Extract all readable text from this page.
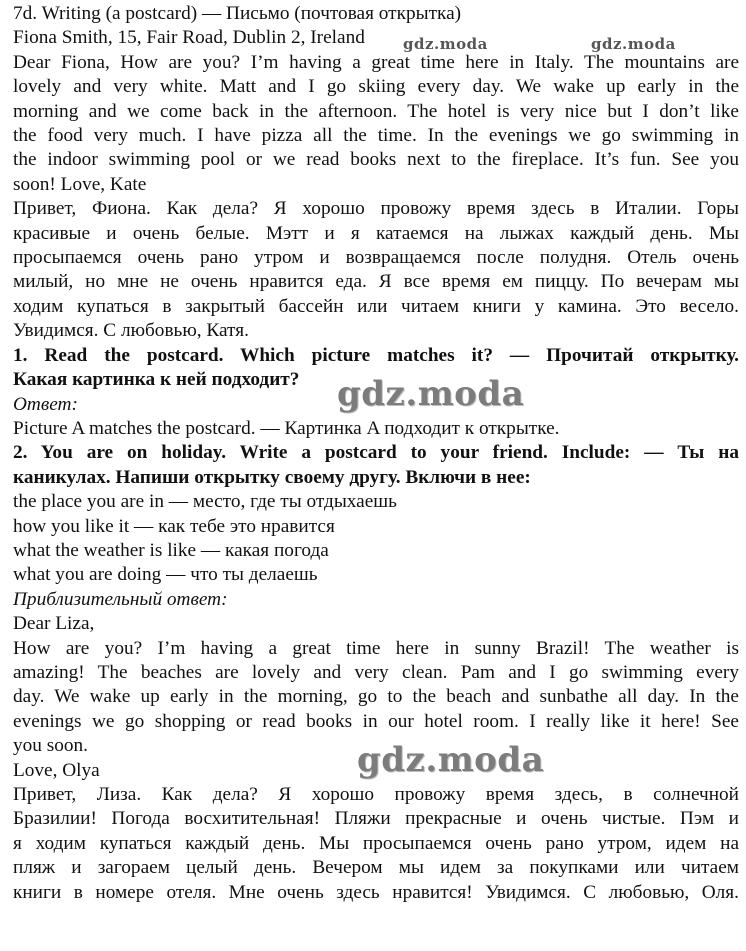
7d. Writing (a postcard) — Письмо (почтовая открытка)
Fiona Smith, 15, Fair Road, Dublin 2, Ireland
Dear Fiona, How are you? I’m having a great time here in Italy. The mountains are
lovely and very white. Matt and I go skiing every day. We wake up early in the
morning and we come back in the afternoon. The hotel is very nice but I don’t like
the food very much. I have pizza all the time. In the evenings we go swimming in
the indoor swimming pool or we read books next to the fireplace. It’s fun. See you
soon! Love, Kate
Привет, Фиона. Как дела? Я хорошо провожу время здесь в Италии. Горы
красивые и очень белые. Мэтт и я катаемся на лыжах каждый день. Мы
просыпаемся очень рано утром и возвращаемся после полудня. Отель очень
милый, но мне не очень нравится еда. Я все время ем пиццу. По вечерам мы
ходим купаться в закрытый бассейн или читаем книги у камина. Это весело.
Увидимся. С любовью, Катя.
1. Read the postcard. Which picture matches it? — Прочитай открытку.
Какая картинка к ней подходит?
Ответ:
Picture A matches the postcard. — Картинка A подходит к открытке.
2. You are on holiday. Write a postcard to your friend. Include: — Ты на
каникулах. Напиши открытку своему другу. Включи в нее:
the place you are in — место, где ты отдыхаешь
how you like it — как тебе это нравится
what the weather is like — какая погода
what you are doing — что ты делаешь
Приблизительный ответ:
Dear Liza,
How are you? I’m having a great time here in sunny Brazil! The weather is
amazing! The beaches are lovely and very clean. Pam and I go swimming every
day. We wake up early in the morning, go to the beach and sunbathe all day. In the
evenings we go shopping or read books in our hotel room. I really like it here! See
you soon.
Love, Olya
Привет, Лиза. Как дела? Я хорошо провожу время здесь, в солнечной
Бразилии! Погода восхитительная! Пляжи прекрасные и очень чистые. Пэм и
я ходим купаться каждый день. Мы просыпаемся очень рано утром, идем на
пляж и загораем целый день. Вечером мы идем за покупками или читаем
книги в номере отеля. Мне очень здесь нравится! Увидимся. С любовью, Оля.
gdz.moda	gdz.moda
gdz.moda
gdz.moda
